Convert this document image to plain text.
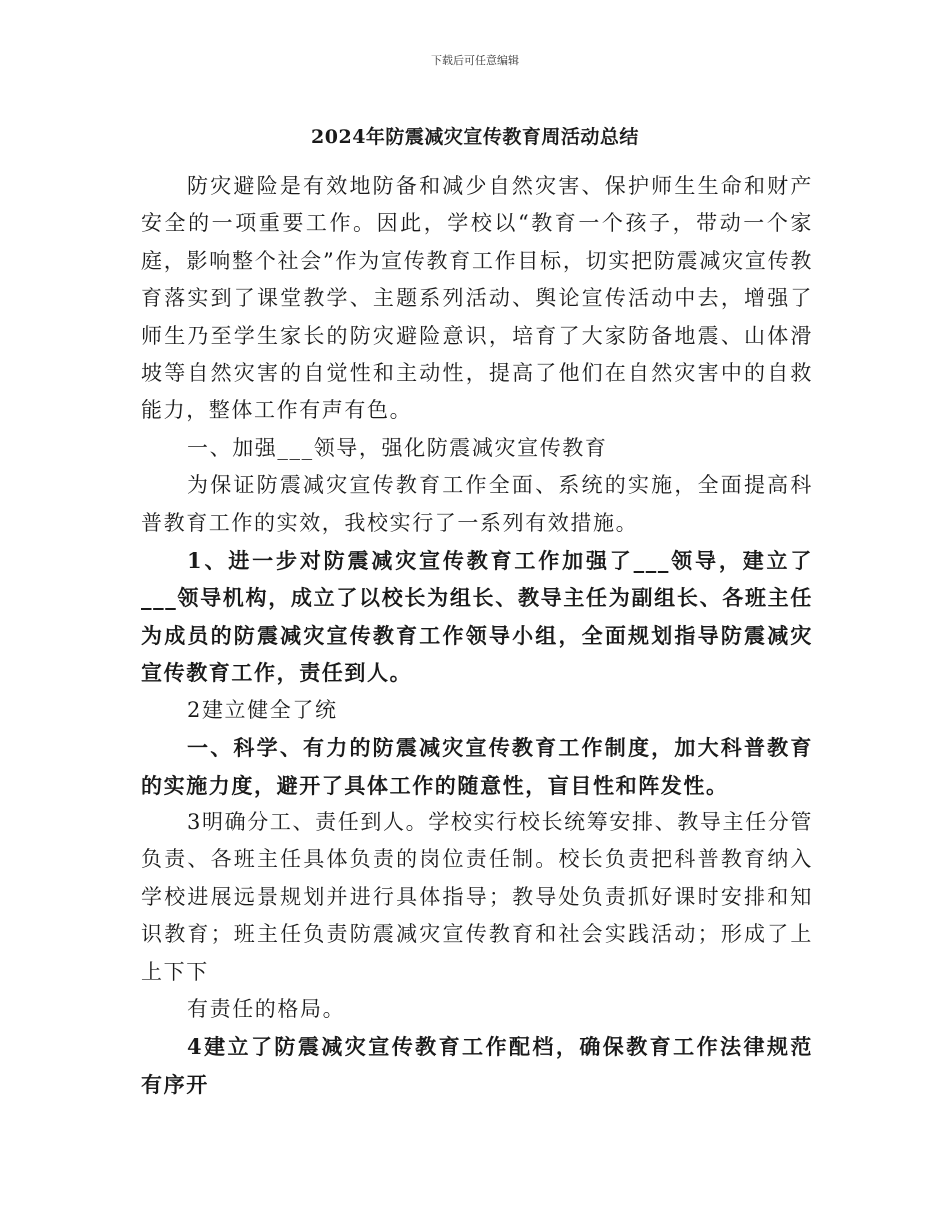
下载后可任意编辑
2024年防震减灾宣传教育周活动总结

防灾避险是有效地防备和减少自然灾害、保护师生生命和财产安全的一项重要工作。因此，学校以“教育一个孩子，带动一个家庭，影响整个社会”作为宣传教育工作目标，切实把防震减灾宣传教育落实到了课堂教学、主题系列活动、舆论宣传活动中去，增强了师生乃至学生家长的防灾避险意识，培育了大家防备地震、山体滑坡等自然灾害的自觉性和主动性，提高了他们在自然灾害中的自救能力，整体工作有声有色。

一、加强___领导，强化防震减灾宣传教育

为保证防震减灾宣传教育工作全面、系统的实施，全面提高科普教育工作的实效，我校实行了一系列有效措施。

1、进一步对防震减灾宣传教育工作加强了___领导，建立了___领导机构，成立了以校长为组长、教导主任为副组长、各班主任为成员的防震减灾宣传教育工作领导小组，全面规划指导防震减灾宣传教育工作，责任到人。

2建立健全了统

一、科学、有力的防震减灾宣传教育工作制度，加大科普教育的实施力度，避开了具体工作的随意性，盲目性和阵发性。

3明确分工、责任到人。学校实行校长统筹安排、教导主任分管负责、各班主任具体负责的岗位责任制。校长负责把科普教育纳入学校进展远景规划并进行具体指导；教导处负责抓好课时安排和知识教育；班主任负责防震减灾宣传教育和社会实践活动；形成了上上下下

有责任的格局。

4建立了防震减灾宣传教育工作配档，确保教育工作法律规范有序开
